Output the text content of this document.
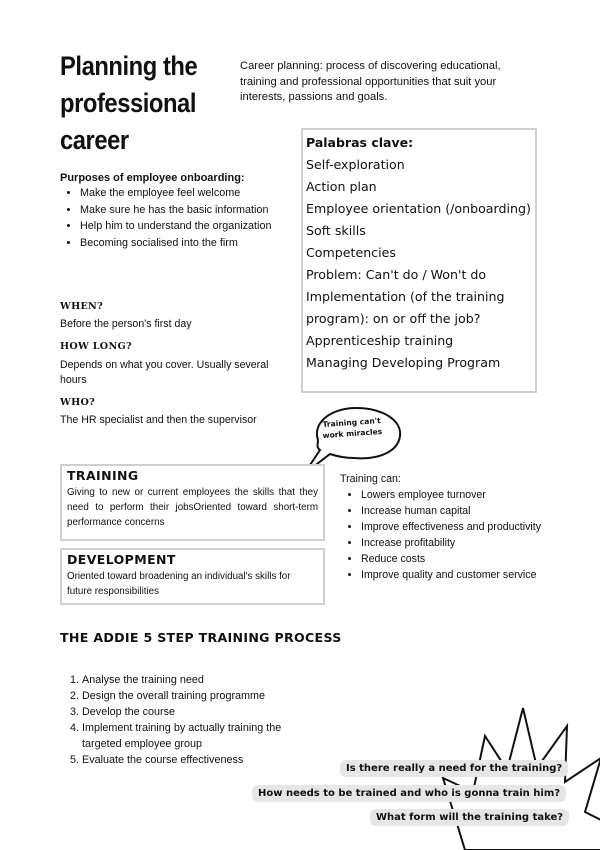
Planning the
professional
career
Career planning: process of discovering educational, training and professional opportunities that suit your interests, passions and goals.
Palabras clave:
Self-exploration
Action plan
Employee orientation (/onboarding)
Soft skills
Competencies
Problem: Can't do / Won't do
Implementation (of the training
program): on or off the job?
Apprenticeship training
Managing Developing Program
Purposes of employee onboarding:
• Make the employee feel welcome
• Make sure he has the basic information
• Help him to understand the organization
• Becoming socialised into the firm
WHEN?
Before the person's first day
HOW LONG?
Depends on what you cover. Usually several hours
WHO?
The HR specialist and then the supervisor	Training can't
work miracles
TRAINING

Giving to new or current employees the skills that they need to perform their jobsOriented toward short-term performance concerns

DEVELOPMENT

Oriented toward broadening an individual's skills for future responsibilities

Training can:
• Lowers employee turnover
• Increase human capital
• Improve effectiveness and productivity
• Increase profitability
• Reduce costs
• Improve quality and customer service
THE ADDIE 5 STEP TRAINING PROCESS
1. Analyse the training need
2. Design the overall training programme
3. Develop the course
4. Implement training by actually training the targeted employee group
5. Evaluate the course effectiveness
Is there really a need for the training?
How needs to be trained and who is gonna train him?
What form will the training take?
